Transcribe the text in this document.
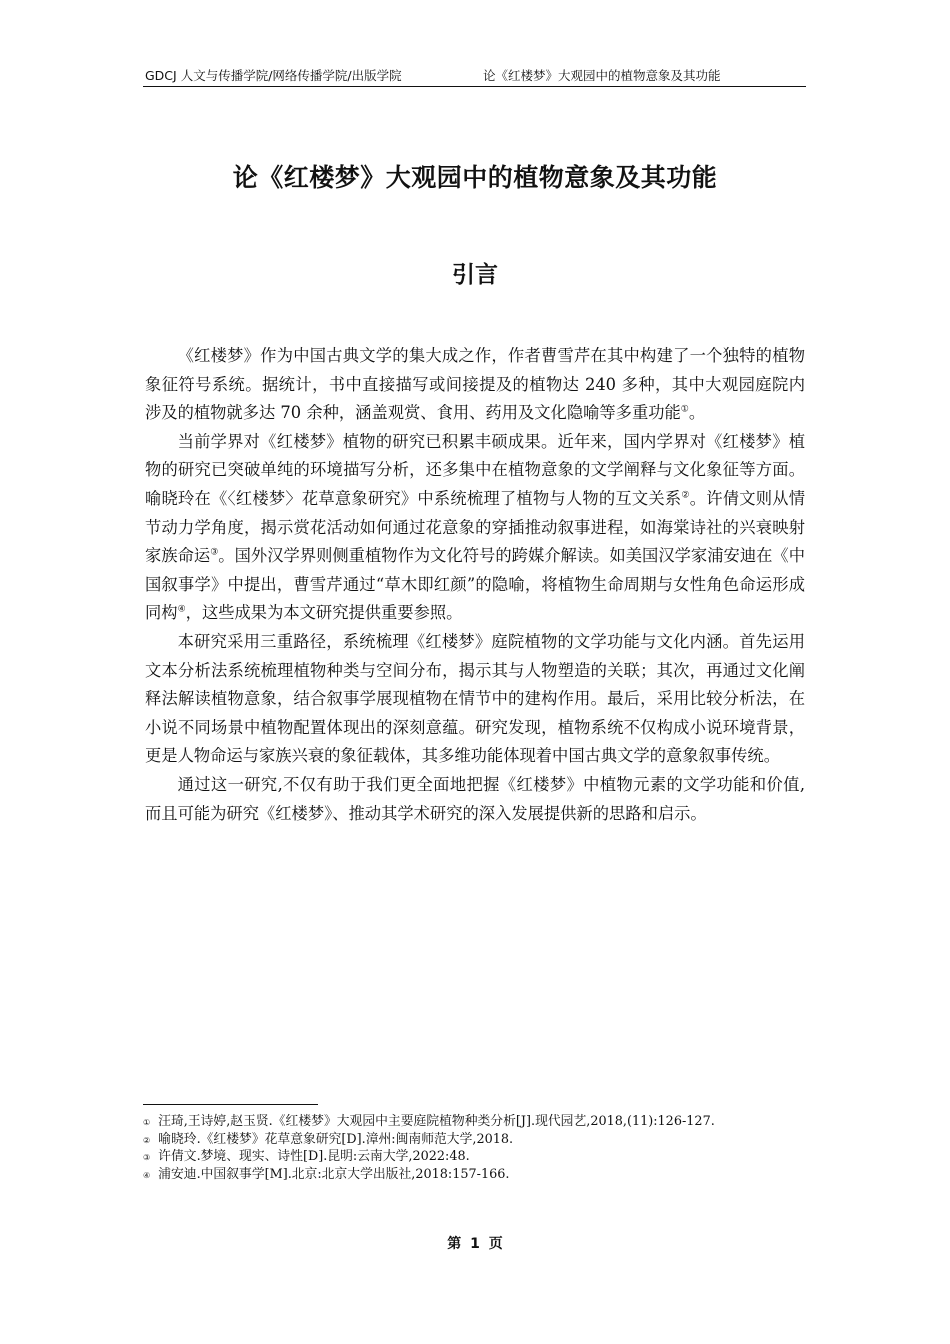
GDCJ 人文与传播学院/网络传播学院/出版学院	论《红楼梦》大观园中的植物意象及其功能
论《红楼梦》大观园中的植物意象及其功能
引言

《红楼梦》作为中国古典文学的集大成之作，作者曹雪芹在其中构建了一个独特的植物象征符号系统。据统计，书中直接描写或间接提及的植物达 240 多种，其中大观园庭院内涉及的植物就多达 70 余种，涵盖观赏、食用、药用及文化隐喻等多重功能①。

当前学界对《红楼梦》植物的研究已积累丰硕成果。近年来，国内学界对《红楼梦》植物的研究已突破单纯的环境描写分析，还多集中在植物意象的文学阐释与文化象征等方面。喻晓玲在《〈红楼梦〉花草意象研究》中系统梳理了植物与人物的互文关系②。许倩文则从情节动力学角度，揭示赏花活动如何通过花意象的穿插推动叙事进程，如海棠诗社的兴衰映射家族命运③。国外汉学界则侧重植物作为文化符号的跨媒介解读。如美国汉学家浦安迪在《中国叙事学》中提出，曹雪芹通过“草木即红颜”的隐喻，将植物生命周期与女性角色命运形成同构④，这些成果为本文研究提供重要参照。

本研究采用三重路径，系统梳理《红楼梦》庭院植物的文学功能与文化内涵。首先运用文本分析法系统梳理植物种类与空间分布，揭示其与人物塑造的关联；其次，再通过文化阐释法解读植物意象，结合叙事学展现植物在情节中的建构作用。最后，采用比较分析法，在小说不同场景中植物配置体现出的深刻意蕴。研究发现，植物系统不仅构成小说环境背景，更是人物命运与家族兴衰的象征载体，其多维功能体现着中国古典文学的意象叙事传统。

通过这一研究,不仅有助于我们更全面地把握《红楼梦》中植物元素的文学功能和价值,而且可能为研究《红楼梦》、推动其学术研究的深入发展提供新的思路和启示。

① 汪琦,王诗婷,赵玉贤.《红楼梦》大观园中主要庭院植物种类分析[J].现代园艺,2018,(11):126-127.
② 喻晓玲.《红楼梦》花草意象研究[D].漳州:闽南师范大学,2018.
③ 许倩文.梦境、现实、诗性[D].昆明:云南大学,2022:48.
④ 浦安迪.中国叙事学[M].北京:北京大学出版社,2018:157-166.
第 1 页
